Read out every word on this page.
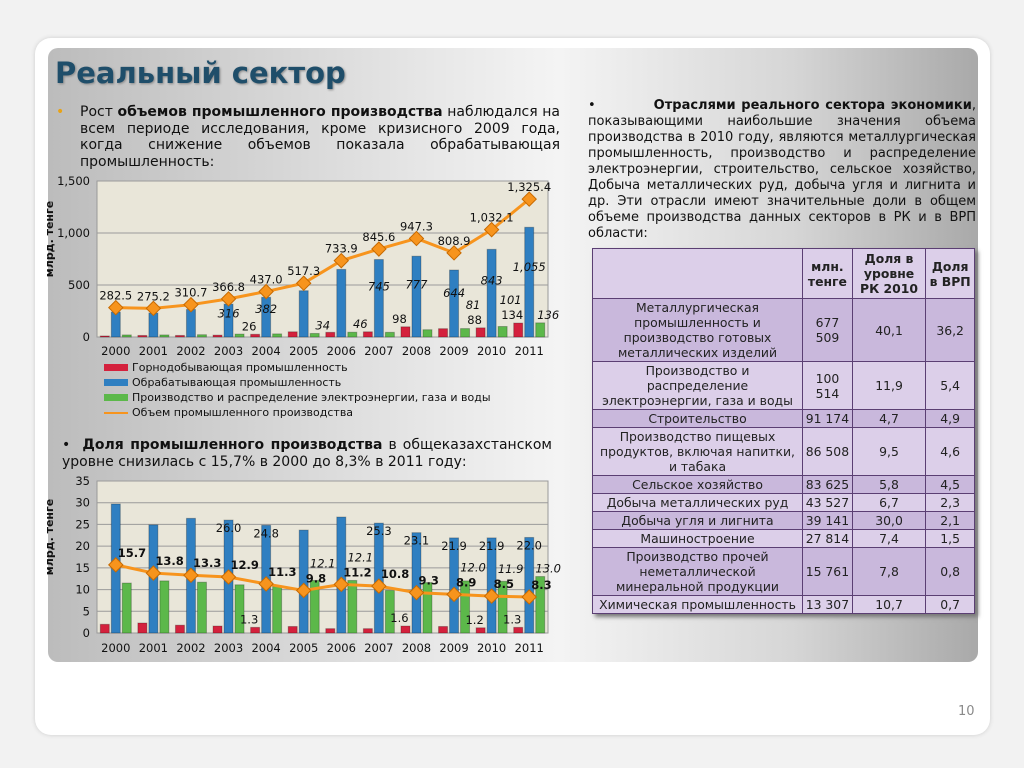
Реальный сектор
• Рост объемов промышленного производства наблюдался на всем периоде исследования, кроме кризисного 2009 года, когда снижение объемов показала обрабатывающая промышленность:
0
500
1,000
1,500
млрд. тенге
2000 2001 2002 2003 2004 2005 2006 2007 2008 2009 2010 2011
282.5 275.2 310.7 366.8
437.0
517.3
733.9
845.6
947.3
808.9
1,032.1
1,325.4
26
98	88 134
316 382
745 777
644
843
1,055
34 46
81 101
136
0
5
10
15
20
25
30
35
млрд. тенге
2000 2001 2002 2003 2004 2005 2006 2007 2008 2009 2010 2011
15.7
13.8 13.3 12.9 11.3 9.8 11.2 10.8 9.3 8.9 8.5 8.3
1.3	1.6	1.2 1.3
26.0 24.8	25.3
23.1 21.9 21.9 22.0
12.1 12.1
12.0 11.9 13.0
Горнодобывающая промышленность
Обрабатывающая промышленность
Производство и распределение электроэнергии, газа и воды
Объем промышленного производства
• Доля промышленного производства в общеказахстанском уровне снизилась с 15,7% в 2000 до 8,3% в 2011 году:
•	Отраслями реального сектора экономики, показывающими наибольшие значения объема производства в 2010 году, являются металлургическая промышленность, производство и распределение электроэнергии, строительство, сельское хозяйство, Добыча металлических руд, добыча угля и лигнита и др. Эти отрасли имеют значительные доли в общем объеме производства данных секторов в РК и в ВРП области:
	млн. тенге	Доля в уровне РК 2010	Доля в ВРП
Металлургическая промышленность и производство готовых металлических изделий	677 509	40,1	36,2
Производство и распределение электроэнергии, газа и воды	100 514	11,9	5,4
Строительство	91 174	4,7	4,9
Производство пищевых продуктов, включая напитки, и табака	86 508	9,5	4,6
Сельское хозяйство	83 625	5,8	4,5
Добыча металлических руд	43 527	6,7	2,3
Добыча угля и лигнита	39 141	30,0	2,1
Машиностроение	27 814	7,4	1,5
Производство прочей неметаллической минеральной продукции	15 761	7,8	0,8
Химическая промышленность	13 307	10,7	0,7
10
